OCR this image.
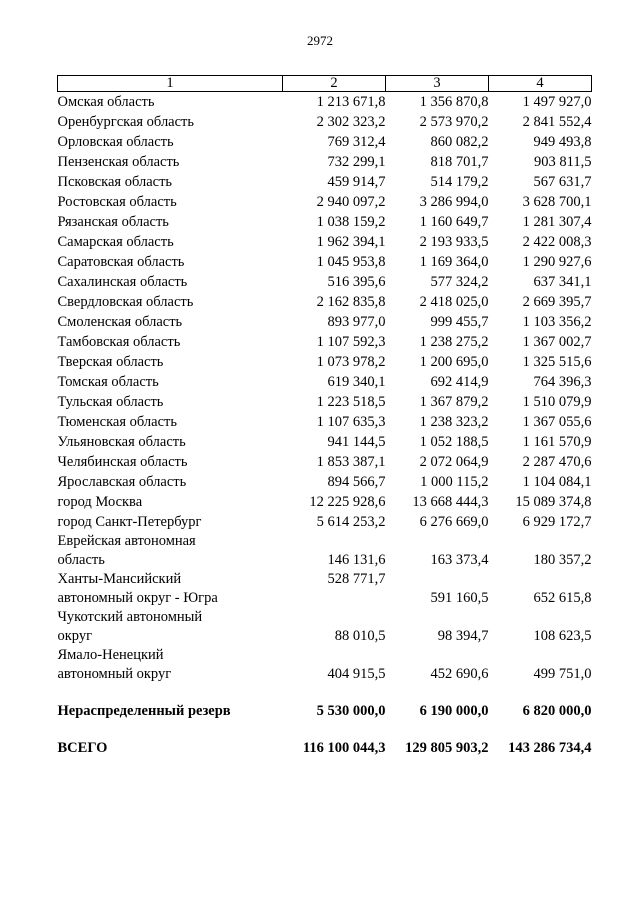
2972
1	2	3	4
Омская область	1 213 671,8	1 356 870,8	1 497 927,0
Оренбургская область	2 302 323,2	2 573 970,2	2 841 552,4
Орловская область	769 312,4	860 082,2	949 493,8
Пензенская область	732 299,1	818 701,7	903 811,5
Псковская область	459 914,7	514 179,2	567 631,7
Ростовская область	2 940 097,2	3 286 994,0	3 628 700,1
Рязанская область	1 038 159,2	1 160 649,7	1 281 307,4
Самарская область	1 962 394,1	2 193 933,5	2 422 008,3
Саратовская область	1 045 953,8	1 169 364,0	1 290 927,6
Сахалинская область	516 395,6	577 324,2	637 341,1
Свердловская область	2 162 835,8	2 418 025,0	2 669 395,7
Смоленская область	893 977,0	999 455,7	1 103 356,2
Тамбовская область	1 107 592,3	1 238 275,2	1 367 002,7
Тверская область	1 073 978,2	1 200 695,0	1 325 515,6
Томская область	619 340,1	692 414,9	764 396,3
Тульская область	1 223 518,5	1 367 879,2	1 510 079,9
Тюменская область	1 107 635,3	1 238 323,2	1 367 055,6
Ульяновская область	941 144,5	1 052 188,5	1 161 570,9
Челябинская область	1 853 387,1	2 072 064,9	2 287 470,6
Ярославская область	894 566,7	1 000 115,2	1 104 084,1
город Москва	12 225 928,6	13 668 444,3	15 089 374,8
город Санкт-Петербург	5 614 253,2	6 276 669,0	6 929 172,7

Еврейская автономная
область	146 131,6	163 373,4	180 357,2

Ханты-Мансийский
автономный округ - Югра	528 771,7	591 160,5	652 615,8

Чукотский автономный
округ	88 010,5	98 394,7	108 623,5

Ямало-Ненецкий
автономный округ	404 915,5	452 690,6	499 751,0

Нераспределенный резерв	5 530 000,0	6 190 000,0	6 820 000,0

ВСЕГО	116 100 044,3	129 805 903,2	143 286 734,4
